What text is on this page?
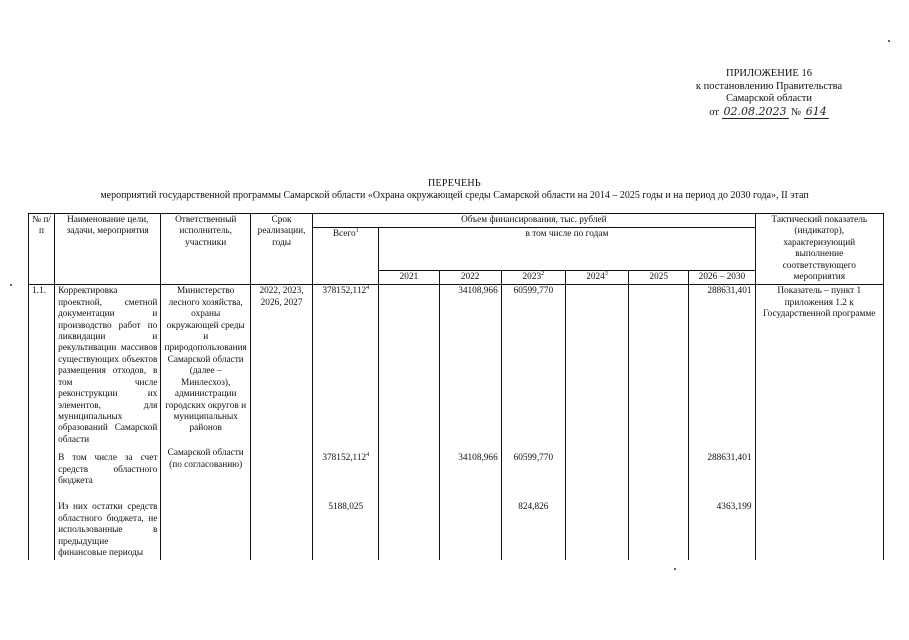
ПРИЛОЖЕНИЕ 16
к постановлению Правительства
Самарской области
от 02.08.2023 № 614
ПЕРЕЧЕНЬ
мероприятий государственной программы Самарской области «Охрана окружающей среды Самарской области на 2014 – 2025 годы и на период до 2030 года», II этап
№ п/п	Наименование цели, задачи, мероприятия	Ответственный исполнитель, участники	Срок реализации, годы	Объем финансирования, тыс. рублей							Тактический показатель (индикатор), характеризующий выполнение соответствующего мероприятия
				Всего$^1$	в том числе по годам						
					2021	2022	2023$^2$	2024$^3$	2025	2026 – 2030	
1.1.	Корректировка проектной, сметной документации и производство работ по ликвидации и рекультивации массивов существующих объектов размещения отходов, в том числе реконструкции их элементов, для муниципальных образований Самарской области	Министерство лесного хозяйства, охраны окружающей среды и природопользования Самарской области (далее – Минлесхоз), администрации городских округов и муниципальных районов	2022, 2023, 2026, 2027	378152,112$^4$		34108,966	60599,770			288631,401	Показатель – пункт 1 приложения 1.2 к Государственной программе
	В том числе за счет средств областного бюджета	Самарской области (по согласованию)		378152,112$^4$		34108,966	60599,770			288631,401	
	Из них остатки средств областного бюджета, не использованные в предыдущие финансовые периоды			5188,025			824,826			4363,199	
